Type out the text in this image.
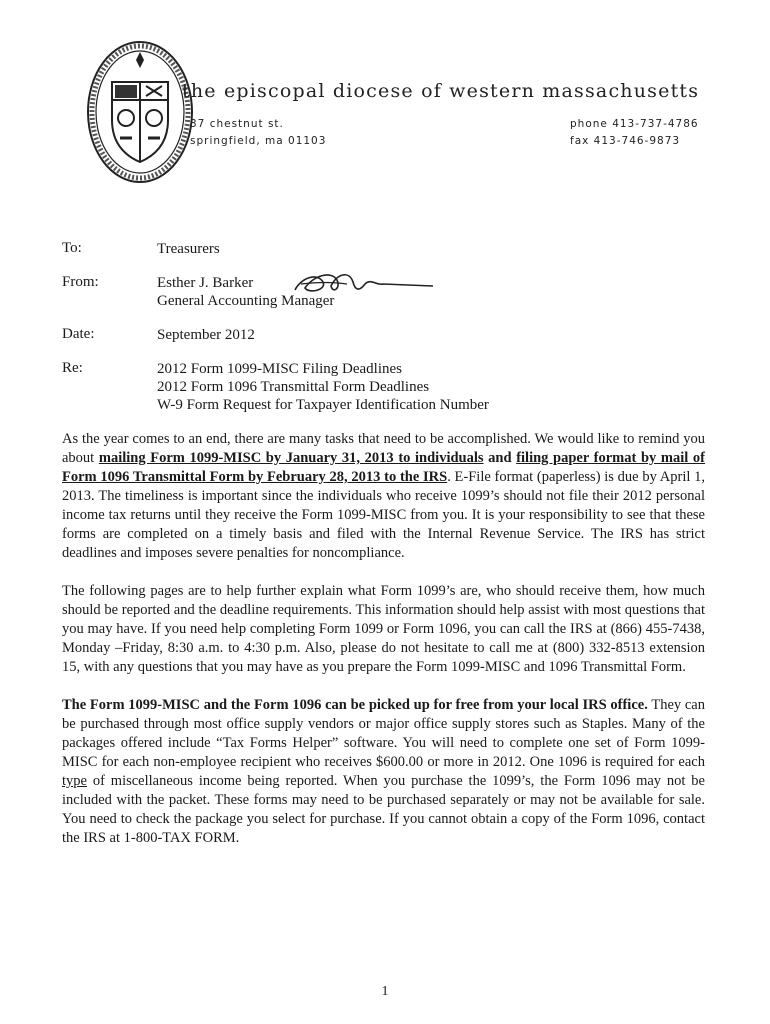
the episcopal diocese of western massachusetts
37 chestnut st.
springfield, ma 01103
phone 413-737-4786
fax 413-746-9873
To:	Treasurers
From:	Esther J. Barker
General Accounting Manager
Date:	September 2012
Re:	2012 Form 1099-MISC Filing Deadlines
2012 Form 1096 Transmittal Form Deadlines
W-9 Form Request for Taxpayer Identification Number

As the year comes to an end, there are many tasks that need to be accomplished. We would like to remind you about mailing Form 1099-MISC by January 31, 2013 to individuals and filing paper format by mail of Form 1096 Transmittal Form by February 28, 2013 to the IRS. E-File format (paperless) is due by April 1, 2013. The timeliness is important since the individuals who receive 1099’s should not file their 2012 personal income tax returns until they receive the Form 1099-MISC from you. It is your responsibility to see that these forms are completed on a timely basis and filed with the Internal Revenue Service. The IRS has strict deadlines and imposes severe penalties for noncompliance.

The following pages are to help further explain what Form 1099’s are, who should receive them, how much should be reported and the deadline requirements. This information should help assist with most questions that you may have. If you need help completing Form 1099 or Form 1096, you can call the IRS at (866) 455-7438, Monday –Friday, 8:30 a.m. to 4:30 p.m. Also, please do not hesitate to call me at (800) 332-8513 extension 15, with any questions that you may have as you prepare the Form 1099-MISC and 1096 Transmittal Form.

The Form 1099-MISC and the Form 1096 can be picked up for free from your local IRS office. They can be purchased through most office supply vendors or major office supply stores such as Staples. Many of the packages offered include “Tax Forms Helper” software. You will need to complete one set of Form 1099-MISC for each non-employee recipient who receives $600.00 or more in 2012. One 1096 is required for each type of miscellaneous income being reported. When you purchase the 1099’s, the Form 1096 may not be included with the packet. These forms may need to be purchased separately or may not be available for sale. You need to check the package you select for purchase. If you cannot obtain a copy of the Form 1096, contact the IRS at 1-800-TAX FORM.

1
